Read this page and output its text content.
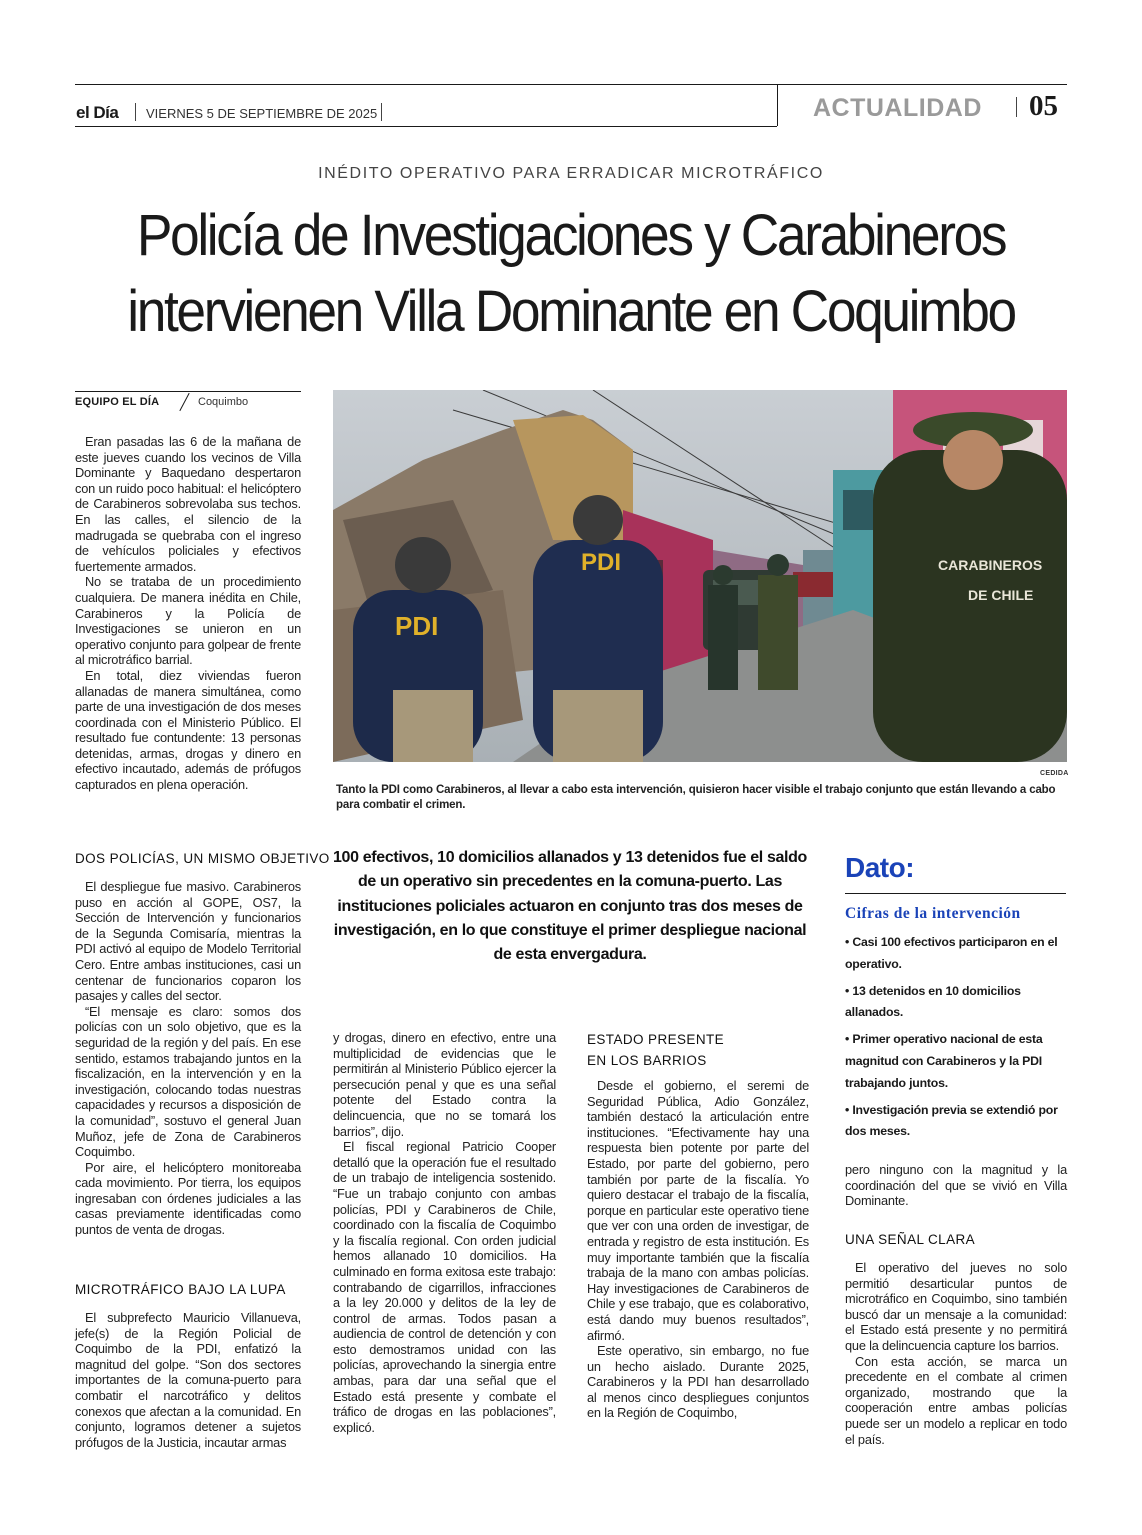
el Día VIERNES 5 DE SEPTIEMBRE DE 2025	ACTUALIDAD 05
INÉDITO OPERATIVO PARA ERRADICAR MICROTRÁFICO
Policía de Investigaciones y Carabineros
intervienen Villa Dominante en Coquimbo
EQUIPO EL DÍA	Coquimbo

Eran pasadas las 6 de la mañana de este jueves cuando los vecinos de Villa Dominante y Baquedano despertaron con un ruido poco habitual: el helicóptero de Carabineros sobrevolaba sus techos. En las calles, el silencio de la madrugada se quebraba con el ingreso de vehículos policiales y efectivos fuertemente armados.

No se trataba de un procedimiento cualquiera. De manera inédita en Chile, Carabineros y la Policía de Investigaciones se unieron en un operativo conjunto para golpear de frente al microtráfico barrial.

En total, diez viviendas fueron allanadas de manera simultánea, como parte de una investigación de dos meses coordinada con el Ministerio Público. El resultado fue contundente: 13 personas detenidas, armas, drogas y dinero en efectivo incautado, además de prófugos capturados en plena operación.

DOS POLICÍAS, UN MISMO OBJETIVO

El despliegue fue masivo. Carabineros puso en acción al GOPE, OS7, la Sección de Intervención y funcionarios de la Segunda Comisaría, mientras la PDI activó al equipo de Modelo Territorial Cero. Entre ambas instituciones, casi un centenar de funcionarios coparon los pasajes y calles del sector.

“El mensaje es claro: somos dos policías con un solo objetivo, que es la seguridad de la región y del país. En ese sentido, estamos trabajando juntos en la fiscalización, en la intervención y en la investigación, colocando todas nuestras capacidades y recursos a disposición de la comunidad”, sostuvo el general Juan Muñoz, jefe de Zona de Carabineros Coquimbo.

Por aire, el helicóptero monitoreaba cada movimiento. Por tierra, los equipos ingresaban con órdenes judiciales a las casas previamente identificadas como puntos de venta de drogas.

MICROTRÁFICO BAJO LA LUPA

El subprefecto Mauricio Villanueva, jefe(s) de la Región Policial de Coquimbo de la PDI, enfatizó la magnitud del golpe. “Son dos sectores importantes de la comuna-puerto para combatir el narcotráfico y delitos conexos que afectan a la comunidad. En conjunto, logramos detener a sujetos prófugos de la Justicia, incautar armas

PDI
PDI	CARABINEROS
DE CHILE
CEDIDA
Tanto la PDI como Carabineros, al llevar a cabo esta intervención, quisieron hacer visible el trabajo conjunto que están llevando a cabo para combatir el crimen.
100 efectivos, 10 domicilios allanados y 13 detenidos fue el saldo de un operativo sin precedentes en la comuna-puerto. Las instituciones policiales actuaron en conjunto tras dos meses de investigación, en lo que constituye el primer despliegue nacional de esta envergadura.

y drogas, dinero en efectivo, entre una multiplicidad de evidencias que le permitirán al Ministerio Público ejercer la persecución penal y que es una señal potente del Estado contra la delincuencia, que no se tomará los barrios”, dijo.

El fiscal regional Patricio Cooper detalló que la operación fue el resultado de un trabajo de inteligencia sostenido. “Fue un trabajo conjunto con ambas policías, PDI y Carabineros de Chile, coordinado con la fiscalía de Coquimbo y la fiscalía regional. Con orden judicial hemos allanado 10 domicilios. Ha culminado en forma exitosa este trabajo: contrabando de cigarrillos, infracciones a la ley 20.000 y delitos de la ley de control de armas. Todos pasan a audiencia de control de detención y con esto demostramos unidad con las policías, aprovechando la sinergia entre ambas, para dar una señal que el Estado está presente y combate el tráfico de drogas en las poblaciones”, explicó.

ESTADO PRESENTE
EN LOS BARRIOS

Desde el gobierno, el seremi de Seguridad Pública, Adio González, también destacó la articulación entre instituciones. “Efectivamente hay una respuesta bien potente por parte del Estado, por parte del gobierno, pero también por parte de la fiscalía. Yo quiero destacar el trabajo de la fiscalía, porque en particular este operativo tiene que ver con una orden de investigar, de entrada y registro de esta institución. Es muy importante también que la fiscalía trabaja de la mano con ambas policías. Hay investigaciones de Carabineros de Chile y ese trabajo, que es colaborativo, está dando muy buenos resultados”, afirmó.

Este operativo, sin embargo, no fue un hecho aislado. Durante 2025, Carabineros y la PDI han desarrollado al menos cinco despliegues conjuntos en la Región de Coquimbo,

Dato:
Cifras de la intervención
• Casi 100 efectivos participaron en el operativo.
• 13 detenidos en 10 domicilios allanados.
• Primer operativo nacional de esta magnitud con Carabineros y la PDI trabajando juntos.
• Investigación previa se extendió por dos meses.

pero ninguno con la magnitud y la coordinación del que se vivió en Villa Dominante.

UNA SEÑAL CLARA

El operativo del jueves no solo permitió desarticular puntos de microtráfico en Coquimbo, sino también buscó dar un mensaje a la comunidad: el Estado está presente y no permitirá que la delincuencia capture los barrios.

Con esta acción, se marca un precedente en el combate al crimen organizado, mostrando que la cooperación entre ambas policías puede ser un modelo a replicar en todo el país.
